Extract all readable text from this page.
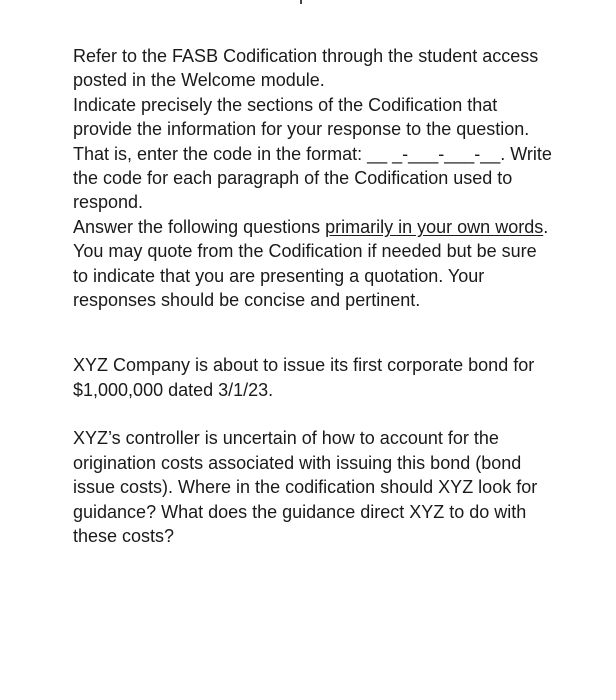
Refer to the FASB Codification through the student access posted in the Welcome module.

Indicate precisely the sections of the Codification that provide the information for your response to the question. That is, enter the code in the format: __ _-___-___-__. Write the code for each paragraph of the Codification used to respond.

Answer the following questions primarily in your own words. You may quote from the Codification if needed but be sure to indicate that you are presenting a quotation. Your responses should be concise and pertinent.

XYZ Company is about to issue its first corporate bond for $1,000,000 dated 3/1/23.

XYZ’s controller is uncertain of how to account for the origination costs associated with issuing this bond (bond issue costs). Where in the codification should XYZ look for guidance? What does the guidance direct XYZ to do with these costs?
